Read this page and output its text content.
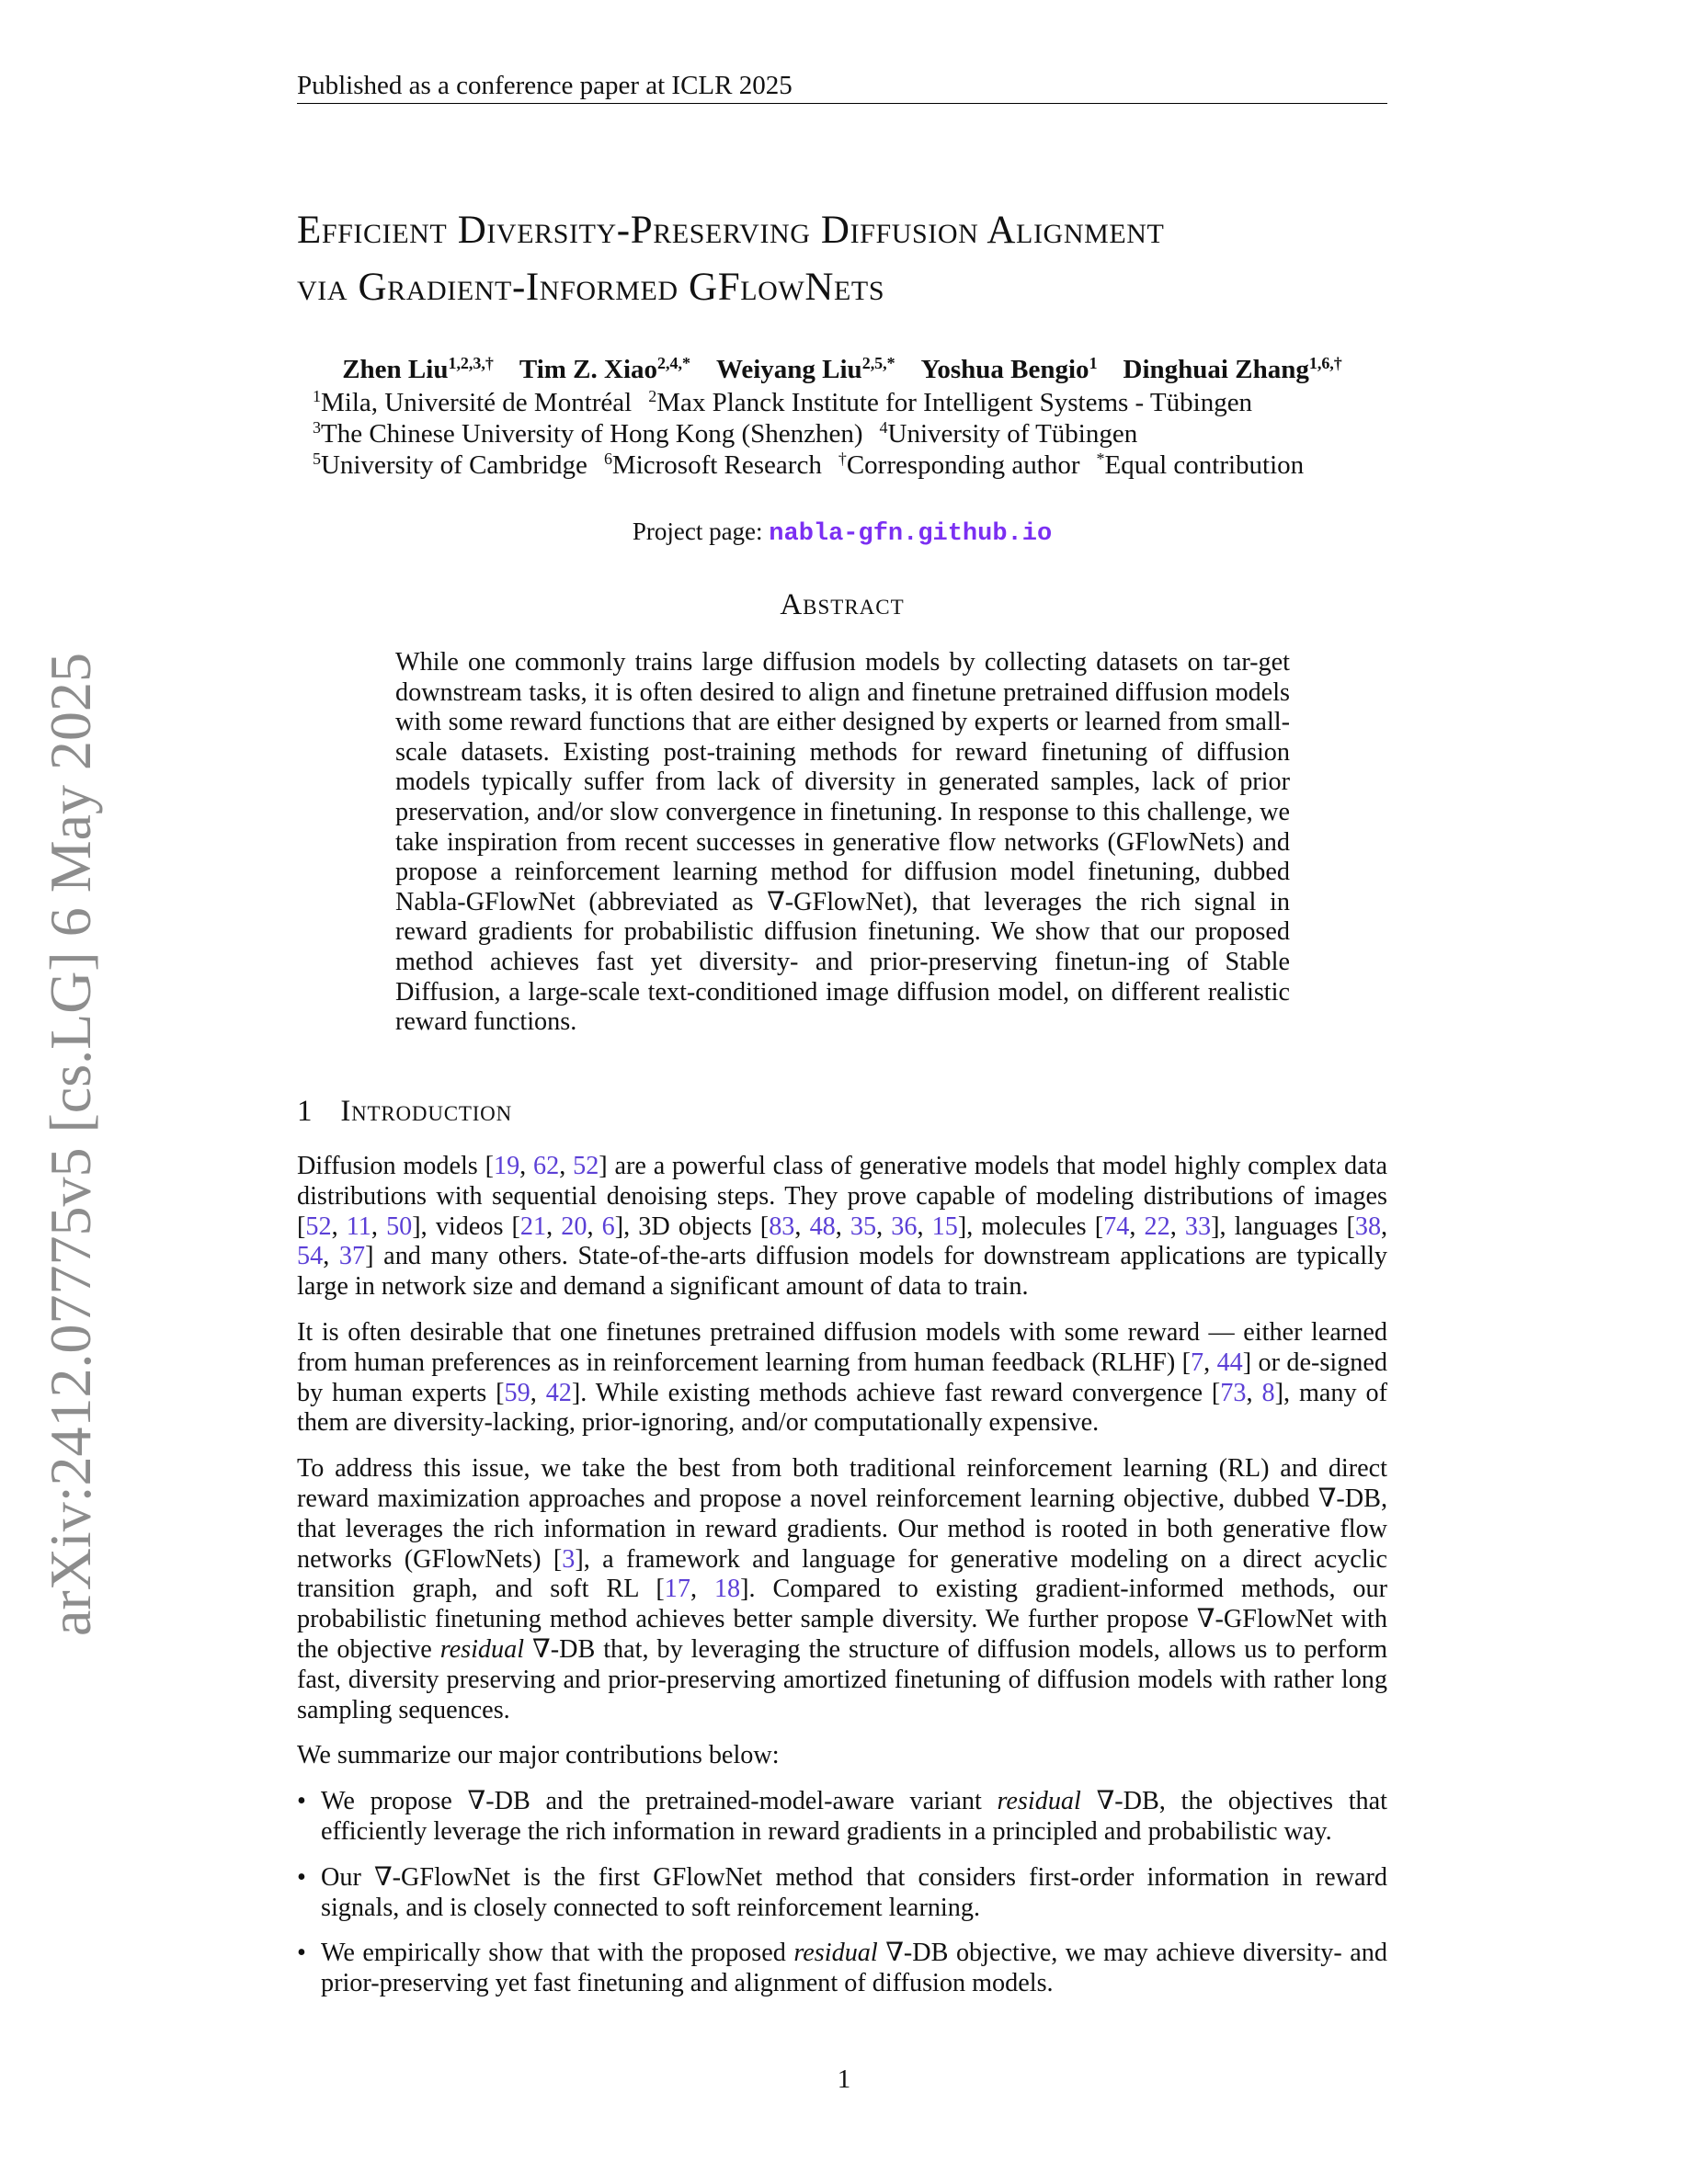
Published as a conference paper at ICLR 2025
arXiv:2412.07775v5 [cs.LG] 6 May 2025
Efficient Diversity-Preserving Diffusion Alignment
via Gradient-Informed GFlowNets
Zhen Liu$^{1,2,3,\dagger}$ Tim Z. Xiao$^{2,4,*}$ Weiyang Liu$^{2,5,*}$ Yoshua Bengio$^1$ Dinghuai Zhang$^{1,6,\dagger}$
$^1$Mila, Université de Montréal $^2$Max Planck Institute for Intelligent Systems - Tübingen
$^3$The Chinese University of Hong Kong (Shenzhen) $^4$University of Tübingen
$^5$University of Cambridge $^6$Microsoft Research †Corresponding author *Equal contribution
Project page: nabla-gfn.github.io
Abstract
While one commonly trains large diffusion models by collecting datasets on tar-get downstream tasks, it is often desired to align and finetune pretrained diffusion models with some reward functions that are either designed by experts or learned from small-scale datasets. Existing post-training methods for reward finetuning of diffusion models typically suffer from lack of diversity in generated samples, lack of prior preservation, and/or slow convergence in finetuning. In response to this challenge, we take inspiration from recent successes in generative flow networks (GFlowNets) and propose a reinforcement learning method for diffusion model finetuning, dubbed Nabla-GFlowNet (abbreviated as ∇-GFlowNet), that leverages the rich signal in reward gradients for probabilistic diffusion finetuning. We show that our proposed method achieves fast yet diversity- and prior-preserving finetun-ing of Stable Diffusion, a large-scale text-conditioned image diffusion model, on different realistic reward functions.
1 Introduction

Diffusion models [19, 62, 52] are a powerful class of generative models that model highly complex data distributions with sequential denoising steps. They prove capable of modeling distributions of images [52, 11, 50], videos [21, 20, 6], 3D objects [83, 48, 35, 36, 15], molecules [74, 22, 33], languages [38, 54, 37] and many others. State-of-the-arts diffusion models for downstream applications are typically large in network size and demand a significant amount of data to train.

It is often desirable that one finetunes pretrained diffusion models with some reward — either learned from human preferences as in reinforcement learning from human feedback (RLHF) [7, 44] or de-signed by human experts [59, 42]. While existing methods achieve fast reward convergence [73, 8], many of them are diversity-lacking, prior-ignoring, and/or computationally expensive.

To address this issue, we take the best from both traditional reinforcement learning (RL) and direct reward maximization approaches and propose a novel reinforcement learning objective, dubbed ∇-DB, that leverages the rich information in reward gradients. Our method is rooted in both generative flow networks (GFlowNets) [3], a framework and language for generative modeling on a direct acyclic transition graph, and soft RL [17, 18]. Compared to existing gradient-informed methods, our probabilistic finetuning method achieves better sample diversity. We further propose ∇-GFlowNet with the objective residual ∇-DB that, by leveraging the structure of diffusion models, allows us to perform fast, diversity preserving and prior-preserving amortized finetuning of diffusion models with rather long sampling sequences.

We summarize our major contributions below:

• We propose ∇-DB and the pretrained-model-aware variant residual ∇-DB, the objectives that efficiently leverage the rich information in reward gradients in a principled and probabilistic way.
• Our ∇-GFlowNet is the first GFlowNet method that considers first-order information in reward signals, and is closely connected to soft reinforcement learning.
• We empirically show that with the proposed residual ∇-DB objective, we may achieve diversity- and prior-preserving yet fast finetuning and alignment of diffusion models.
1
